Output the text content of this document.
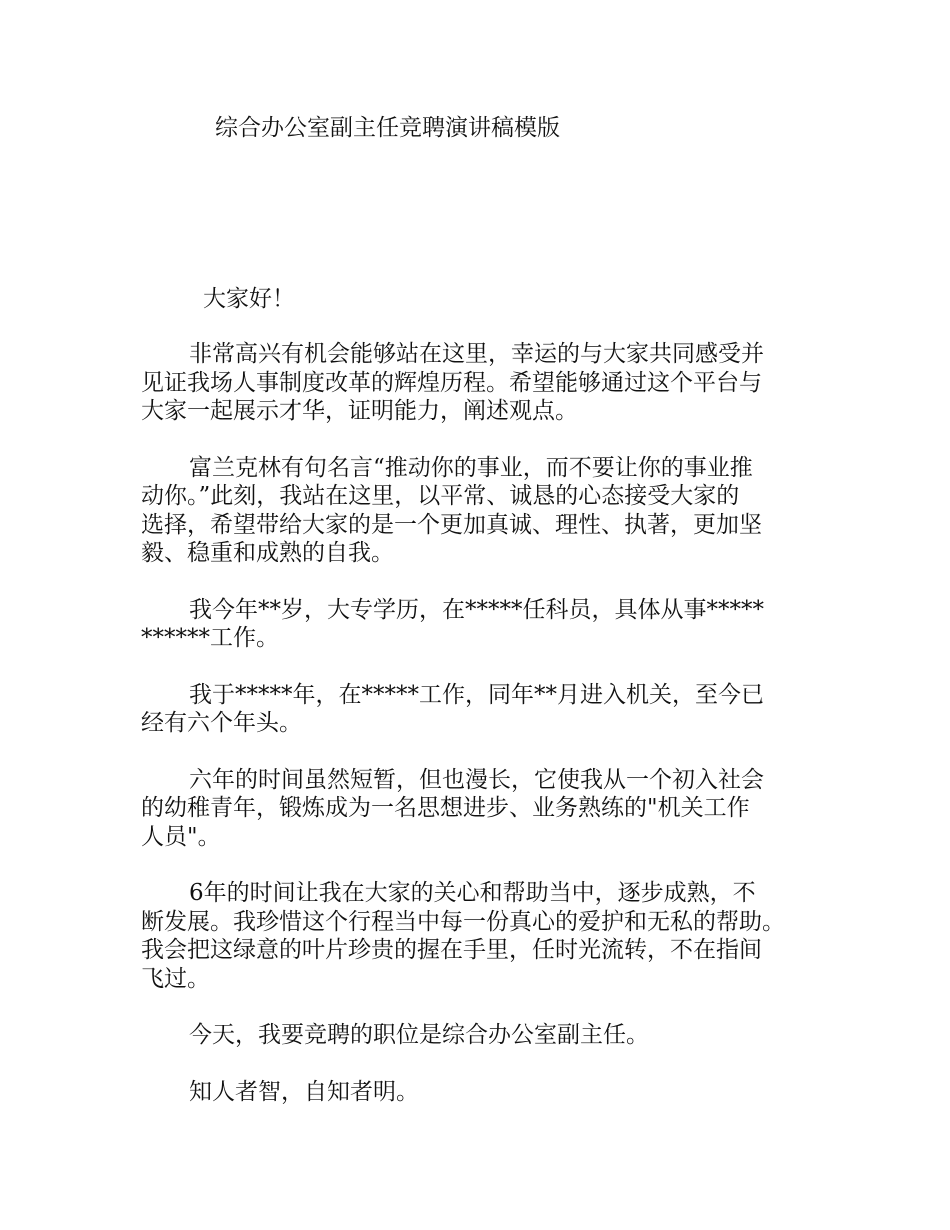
综合办公室副主任竞聘演讲稿模版
大家好！

非常高兴有机会能够站在这里，幸运的与大家共同感受并
见证我场人事制度改革的辉煌历程。希望能够通过这个平台与
大家一起展示才华，证明能力，阐述观点。

富兰克林有句名言“推动你的事业，而不要让你的事业推
动你。”此刻，我站在这里，以平常、诚恳的心态接受大家的
选择，希望带给大家的是一个更加真诚、理性、执著，更加坚
毅、稳重和成熟的自我。

我今年**岁，大专学历，在*****任科员，具体从事*****
******工作。

我于*****年，在*****工作，同年**月进入机关，至今已
经有六个年头。

六年的时间虽然短暂，但也漫长，它使我从一个初入社会
的幼稚青年，锻炼成为一名思想进步、业务熟练的"机关工作
人员"。

6年的时间让我在大家的关心和帮助当中，逐步成熟，不
断发展。我珍惜这个行程当中每一份真心的爱护和无私的帮助。
我会把这绿意的叶片珍贵的握在手里，任时光流转，不在指间
飞过。

今天，我要竞聘的职位是综合办公室副主任。

知人者智，自知者明。
